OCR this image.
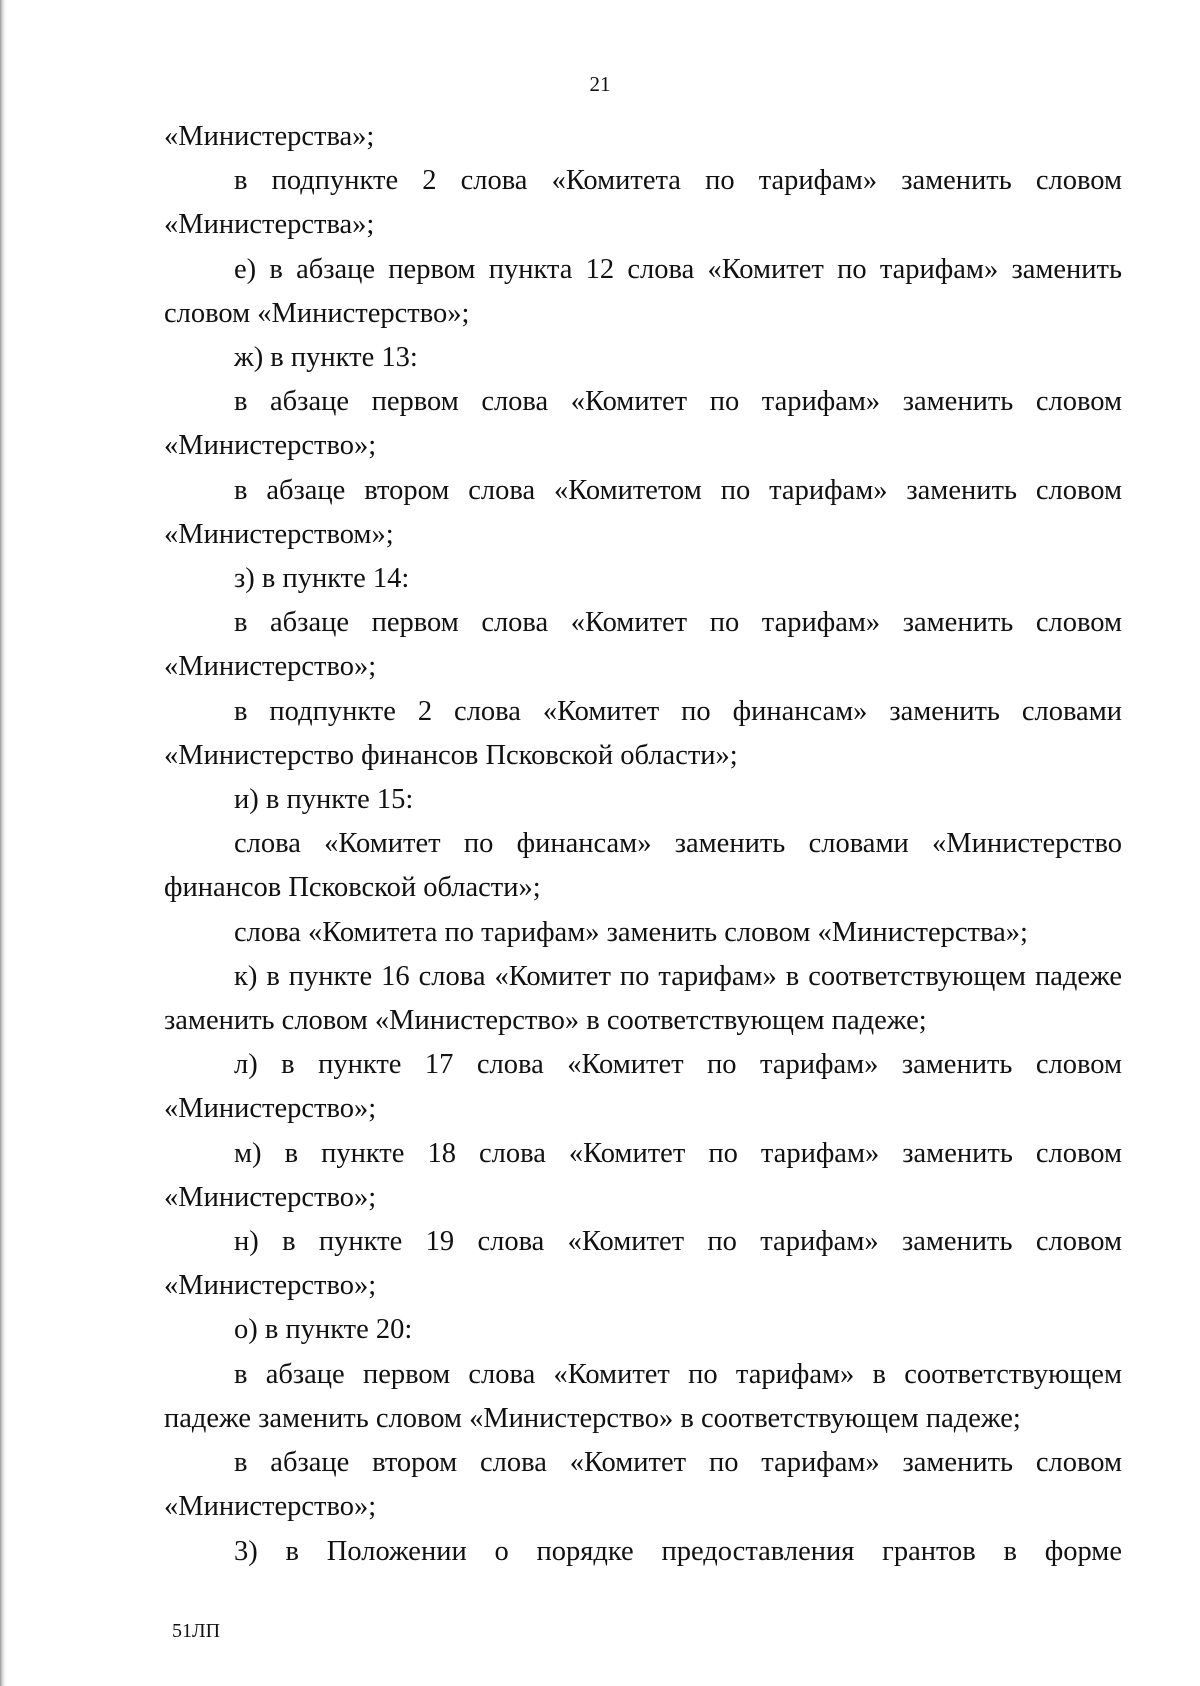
21

«Министерства»;

в подпункте 2 слова «Комитета по тарифам» заменить словом «Министерства»;

е) в абзаце первом пункта 12 слова «Комитет по тарифам» заменить словом «Министерство»;

ж) в пункте 13:

в абзаце первом слова «Комитет по тарифам» заменить словом «Министерство»;

в абзаце втором слова «Комитетом по тарифам» заменить словом «Министерством»;

з) в пункте 14:

в абзаце первом слова «Комитет по тарифам» заменить словом «Министерство»;

в подпункте 2 слова «Комитет по финансам» заменить словами «Министерство финансов Псковской области»;

и) в пункте 15:

слова «Комитет по финансам» заменить словами «Министерство финансов Псковской области»;

слова «Комитета по тарифам» заменить словом «Министерства»;

к) в пункте 16 слова «Комитет по тарифам» в соответствующем падеже заменить словом «Министерство» в соответствующем падеже;

л) в пункте 17 слова «Комитет по тарифам» заменить словом «Министерство»;

м) в пункте 18 слова «Комитет по тарифам» заменить словом «Министерство»;

н) в пункте 19 слова «Комитет по тарифам» заменить словом «Министерство»;

о) в пункте 20:

в абзаце первом слова «Комитет по тарифам» в соответствующем падеже заменить словом «Министерство» в соответствующем падеже;

в абзаце втором слова «Комитет по тарифам» заменить словом «Министерство»;

3) в Положении о порядке предоставления грантов в форме

51ЛП
